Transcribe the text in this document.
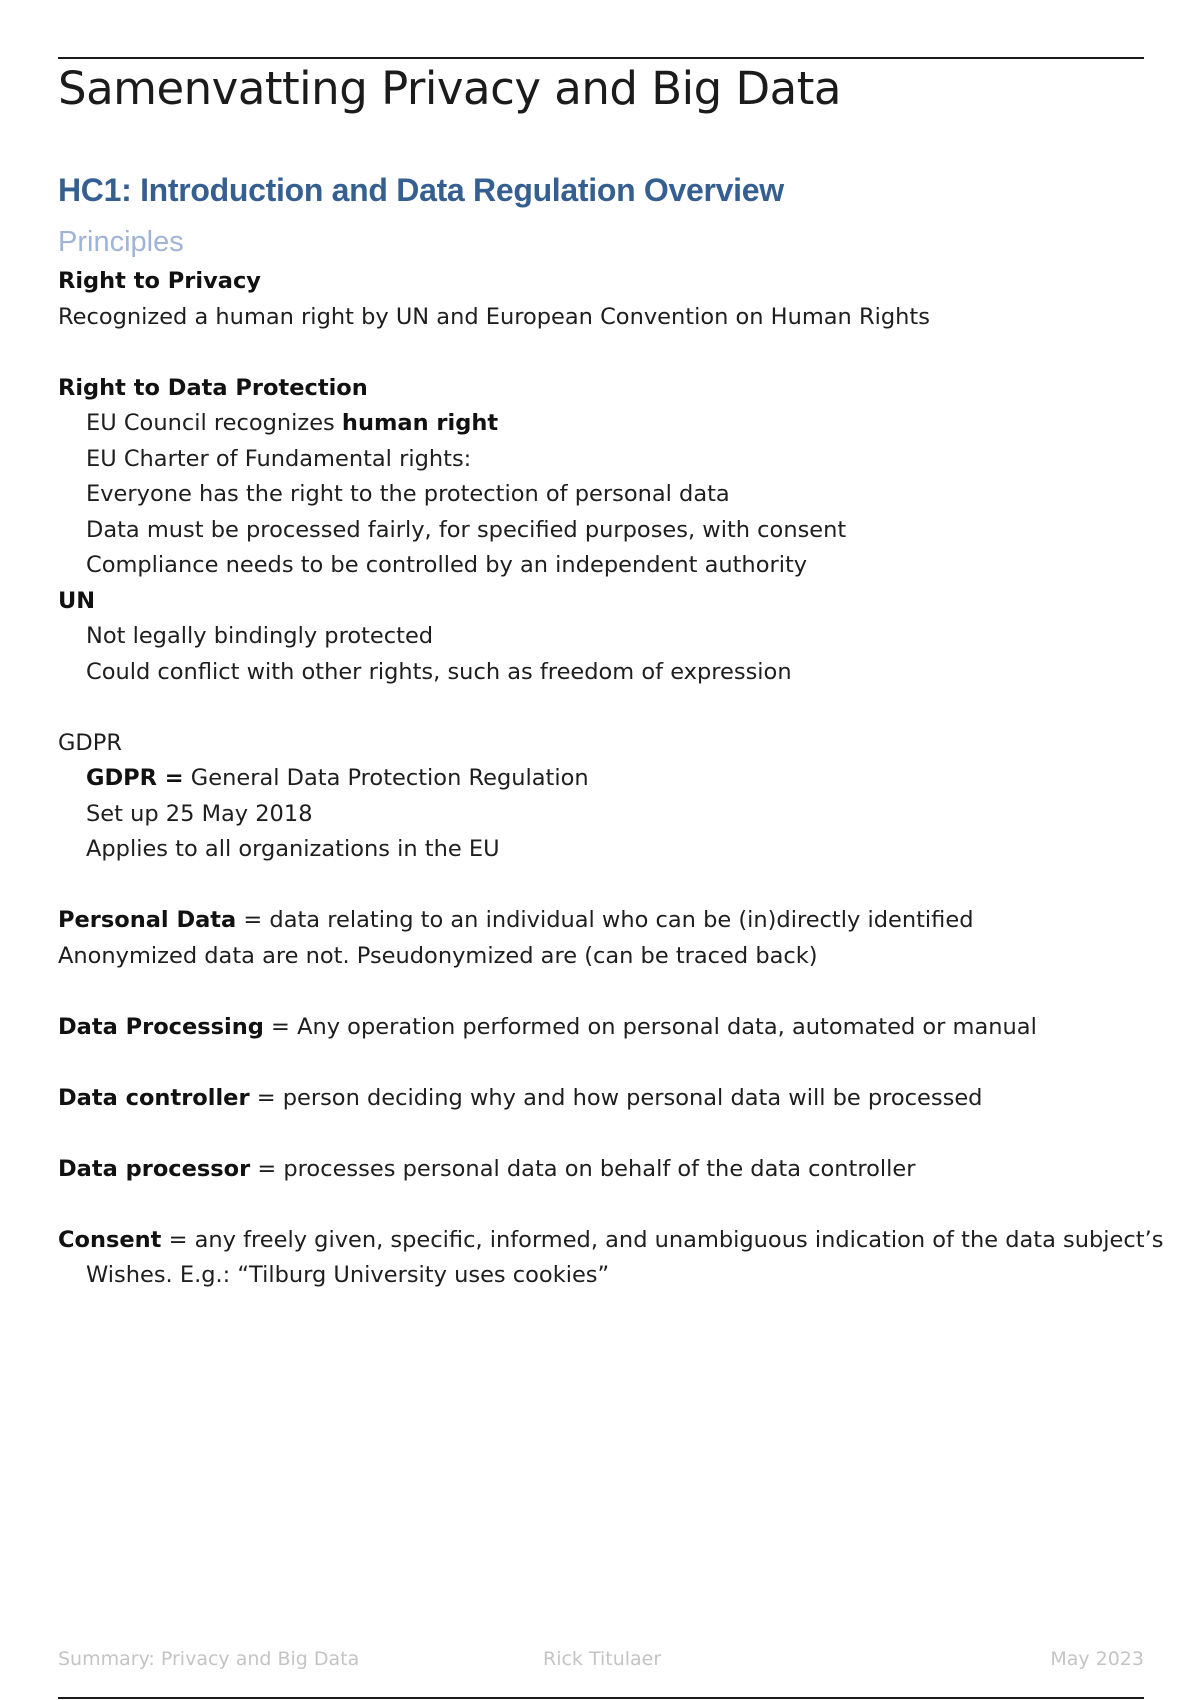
Samenvatting Privacy and Big Data
HC1: Introduction and Data Regulation Overview
Principles
Right to Privacy
Recognized a human right by UN and European Convention on Human Rights
Right to Data Protection
EU Council recognizes human right
EU Charter of Fundamental rights:
Everyone has the right to the protection of personal data
Data must be processed fairly, for specified purposes, with consent
Compliance needs to be controlled by an independent authority
UN
Not legally bindingly protected
Could conflict with other rights, such as freedom of expression
GDPR
GDPR = General Data Protection Regulation
Set up 25 May 2018
Applies to all organizations in the EU
Personal Data = data relating to an individual who can be (in)directly identified
Anonymized data are not. Pseudonymized are (can be traced back)
Data Processing = Any operation performed on personal data, automated or manual
Data controller = person deciding why and how personal data will be processed
Data processor = processes personal data on behalf of the data controller
Consent = any freely given, specific, informed, and unambiguous indication of the data subject’s
Wishes. E.g.: “Tilburg University uses cookies”
Summary: Privacy and Big Data	Rick Titulaer	May 2023
